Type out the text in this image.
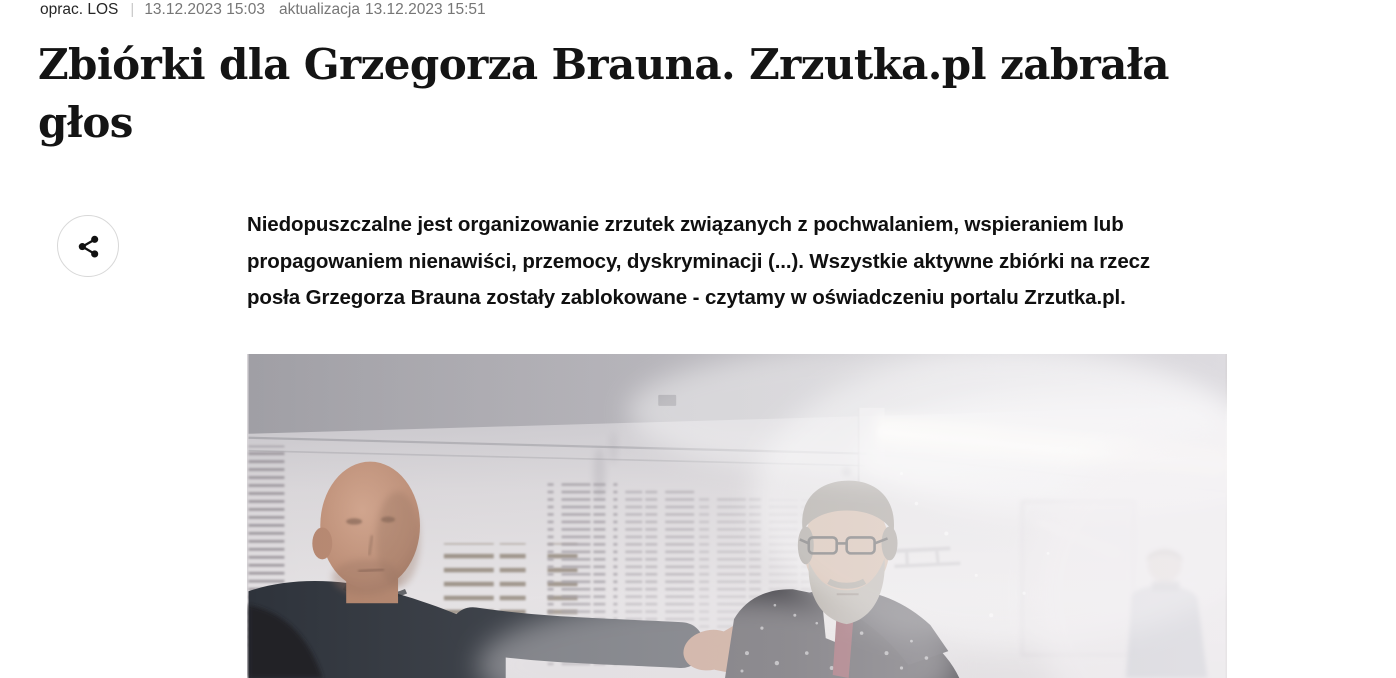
oprac. LOS | 13.12.2023 15:03 aktualizacja 13.12.2023 15:51
Zbiórki dla Grzegorza Brauna. Zrzutka.pl zabrała głos

Niedopuszczalne jest organizowanie zrzutek związanych z pochwalaniem, wspieraniem lub propagowaniem nienawiści, przemocy, dyskryminacji (...). Wszystkie aktywne zbiórki na rzecz posła Grzegorza Brauna zostały zablokowane - czytamy w oświadczeniu portalu Zrzutka.pl.
